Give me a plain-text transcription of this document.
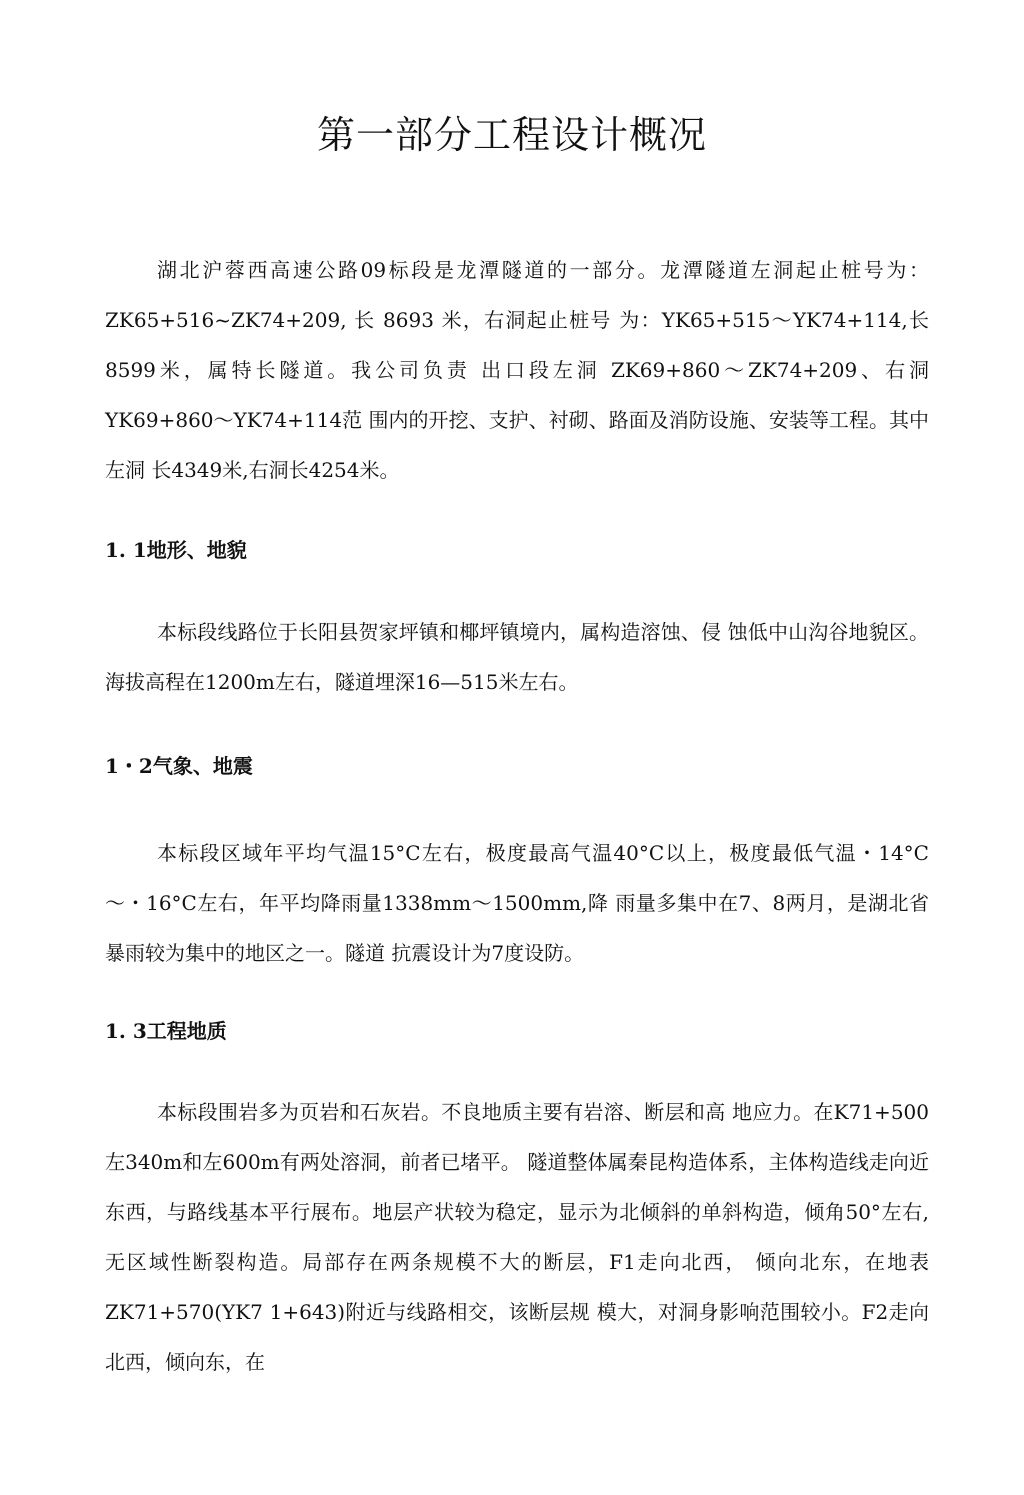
第一部分工程设计概况

湖北沪蓉西高速公路09标段是龙潭隧道的一部分。龙潭隧道左洞起止桩号为：ZK65+516~ZK74+209, 长 8693 米，右洞起止桩号 为：YK65+515～YK74+114,长8599米，属特长隧道。我公司负责 出口段左洞 ZK69+860～ZK74+209、右洞 YK69+860～YK74+114范 围内的开挖、支护、衬砌、路面及消防设施、安装等工程。其中左洞 长4349米,右洞长4254米。

1. 1地形、地貌

本标段线路位于长阳县贺家坪镇和椰坪镇境内，属构造溶蚀、侵 蚀低中山沟谷地貌区。海拔高程在1200m左右，隧道埋深16—515米左右。

1・2气象、地震

本标段区域年平均气温15°C左右，极度最高气温40°C以上，极度最低气温・14°C～・16°C左右，年平均降雨量1338mm～1500mm,降 雨量多集中在7、8两月，是湖北省暴雨较为集中的地区之一。隧道 抗震设计为7度设防。

1. 3工程地质

本标段围岩多为页岩和石灰岩。不良地质主要有岩溶、断层和高 地应力。在K71+500左340m和左600m有两处溶洞，前者已堵平。 隧道整体属秦昆构造体系，主体构造线走向近东西，与路线基本平行展布。地层产状较为稳定，显示为北倾斜的单斜构造，倾角50°左右, 无区域性断裂构造。局部存在两条规模不大的断层，F1走向北西， 倾向北东，在地表ZK71+570(YK7 1+643)附近与线路相交，该断层规 模大，对洞身影响范围较小。F2走向北西，倾向东，在
